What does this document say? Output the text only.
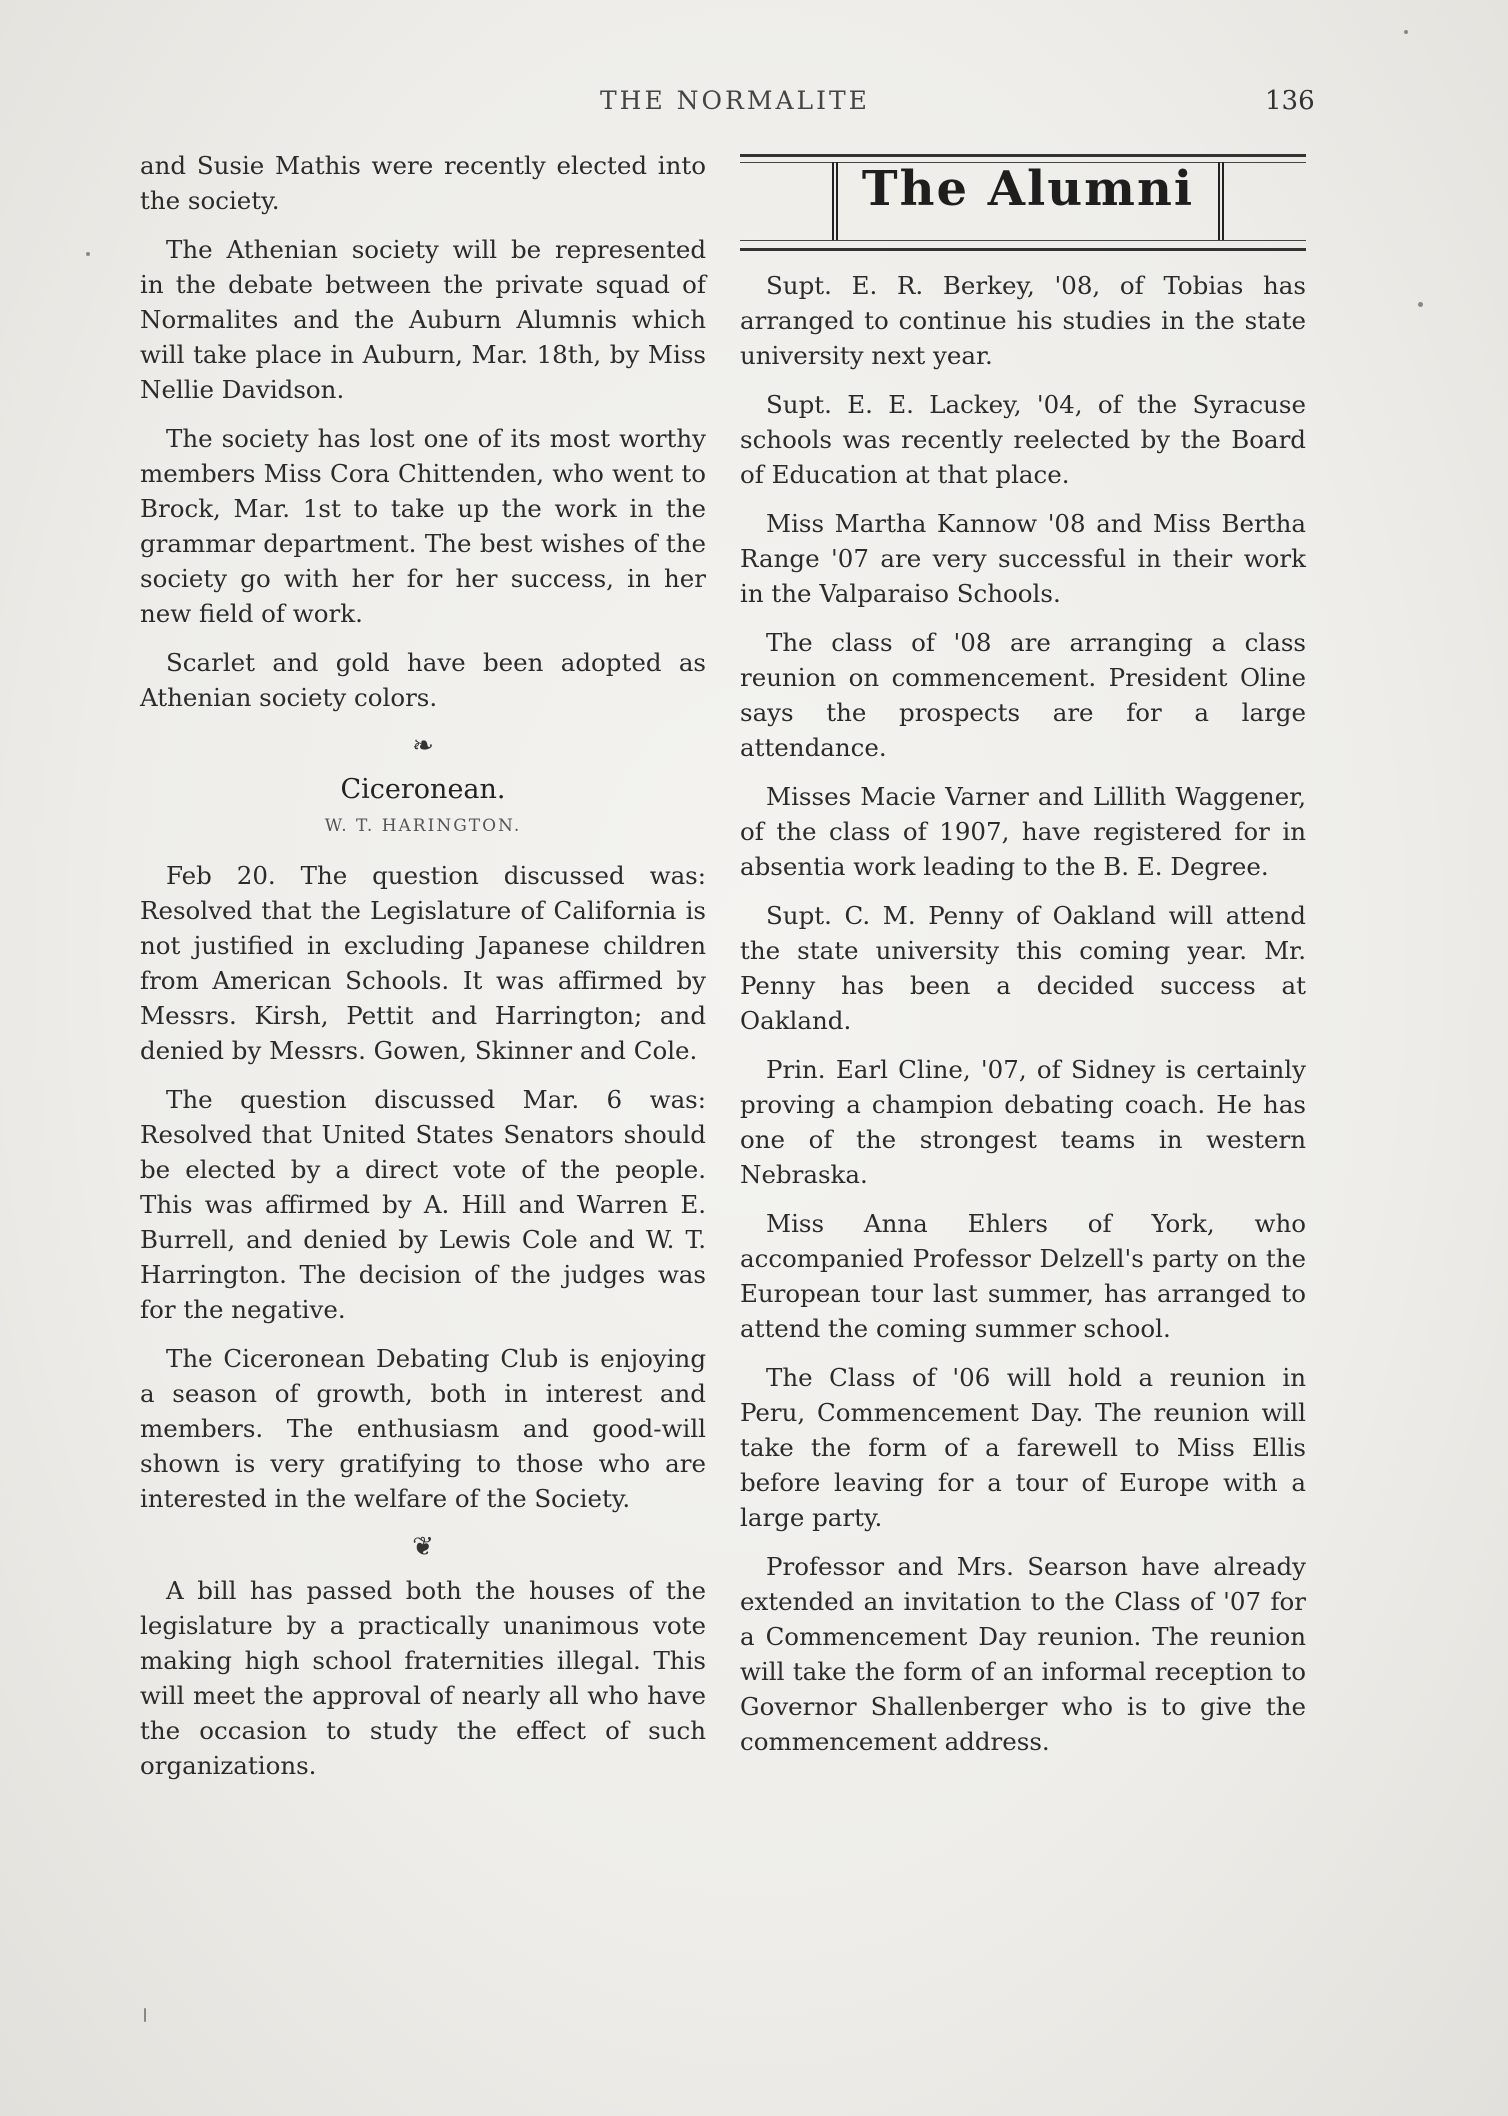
THE NORMALITE	136

and Susie Mathis were recently elected into the society.

The Athenian society will be represented in the debate between the private squad of Normalites and the Auburn Alumnis which will take place in Auburn, Mar. 18th, by Miss Nellie Davidson.

The society has lost one of its most worthy members Miss Cora Chittenden, who went to Brock, Mar. 1st to take up the work in the grammar department. The best wishes of the society go with her for her success, in her new field of work.

Scarlet and gold have been adopted as Athenian society colors.

❧
Ciceronean.
W. T. HARINGTON.

Feb 20. The question discussed was: Resolved that the Legislature of California is not justified in excluding Japanese children from American Schools. It was affirmed by Messrs. Kirsh, Pettit and Harrington; and denied by Messrs. Gowen, Skinner and Cole.

The question discussed Mar. 6 was: Resolved that United States Senators should be elected by a direct vote of the people. This was affirmed by A. Hill and Warren E. Burrell, and denied by Lewis Cole and W. T. Harrington. The decision of the judges was for the negative.

The Ciceronean Debating Club is enjoying a season of growth, both in interest and members. The enthusiasm and good-will shown is very gratifying to those who are interested in the welfare of the Society.

❦

A bill has passed both the houses of the legislature by a practically unanimous vote making high school fraternities illegal. This will meet the approval of nearly all who have the occasion to study the effect of such organizations.

The Alumni

Supt. E. R. Berkey, '08, of Tobias has arranged to continue his studies in the state university next year.

Supt. E. E. Lackey, '04, of the Syracuse schools was recently reelected by the Board of Education at that place.

Miss Martha Kannow '08 and Miss Bertha Range '07 are very successful in their work in the Valparaiso Schools.

The class of '08 are arranging a class reunion on commencement. President Oline says the prospects are for a large attendance.

Misses Macie Varner and Lillith Waggener, of the class of 1907, have registered for in absentia work leading to the B. E. Degree.

Supt. C. M. Penny of Oakland will attend the state university this coming year. Mr. Penny has been a decided success at Oakland.

Prin. Earl Cline, '07, of Sidney is certainly proving a champion debating coach. He has one of the strongest teams in western Nebraska.

Miss Anna Ehlers of York, who accompanied Professor Delzell's party on the European tour last summer, has arranged to attend the coming summer school.

The Class of '06 will hold a reunion in Peru, Commencement Day. The reunion will take the form of a farewell to Miss Ellis before leaving for a tour of Europe with a large party.

Professor and Mrs. Searson have already extended an invitation to the Class of '07 for a Commencement Day reunion. The reunion will take the form of an informal reception to Governor Shallenberger who is to give the commencement address.
